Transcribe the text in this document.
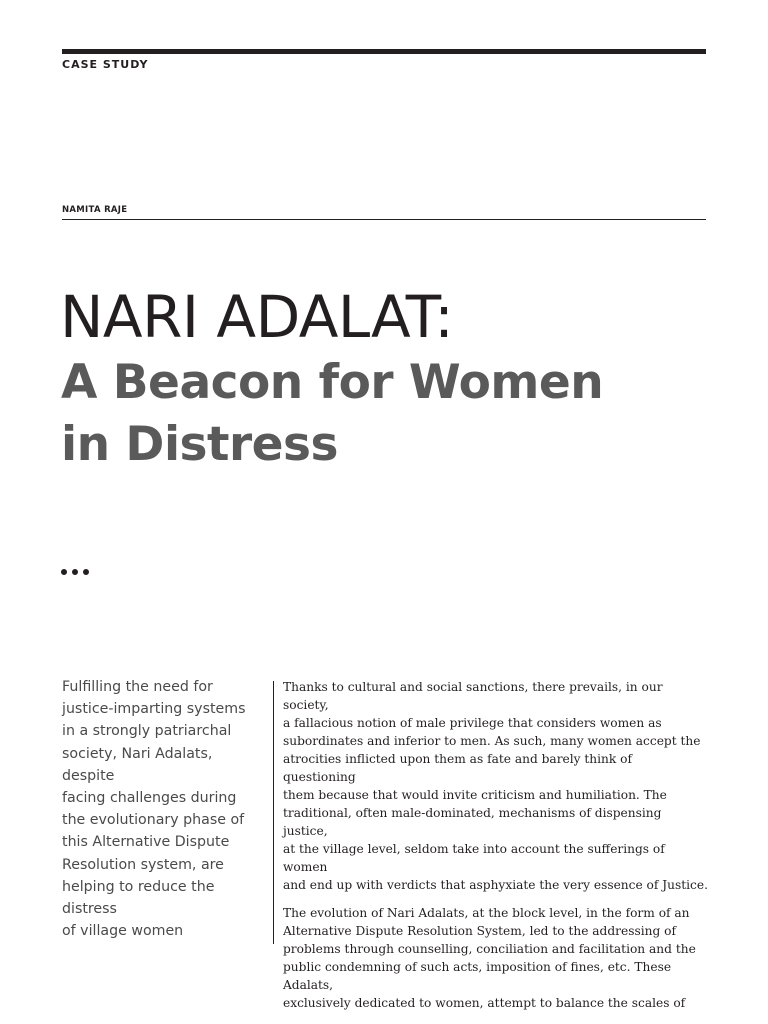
CASE STUDY
NAMITA RAJE
NARI ADALAT:
A Beacon for Women
in Distress

Fulfilling the need for
justice-imparting systems
in a strongly patriarchal
society, Nari Adalats, despite
facing challenges during
the evolutionary phase of
this Alternative Dispute
Resolution system, are
helping to reduce the distress
of village women

Thanks to cultural and social sanctions, there prevails, in our society,
a fallacious notion of male privilege that considers women as
subordinates and inferior to men. As such, many women accept the
atrocities inflicted upon them as fate and barely think of questioning
them because that would invite criticism and humiliation. The
traditional, often male-dominated, mechanisms of dispensing justice,
at the village level, seldom take into account the sufferings of women
and end up with verdicts that asphyxiate the very essence of Justice.

The evolution of Nari Adalats, at the block level, in the form of an
Alternative Dispute Resolution System, led to the addressing of
problems through counselling, conciliation and facilitation and the
public condemning of such acts, imposition of fines, etc. These Adalats,
exclusively dedicated to women, attempt to balance the scales of
